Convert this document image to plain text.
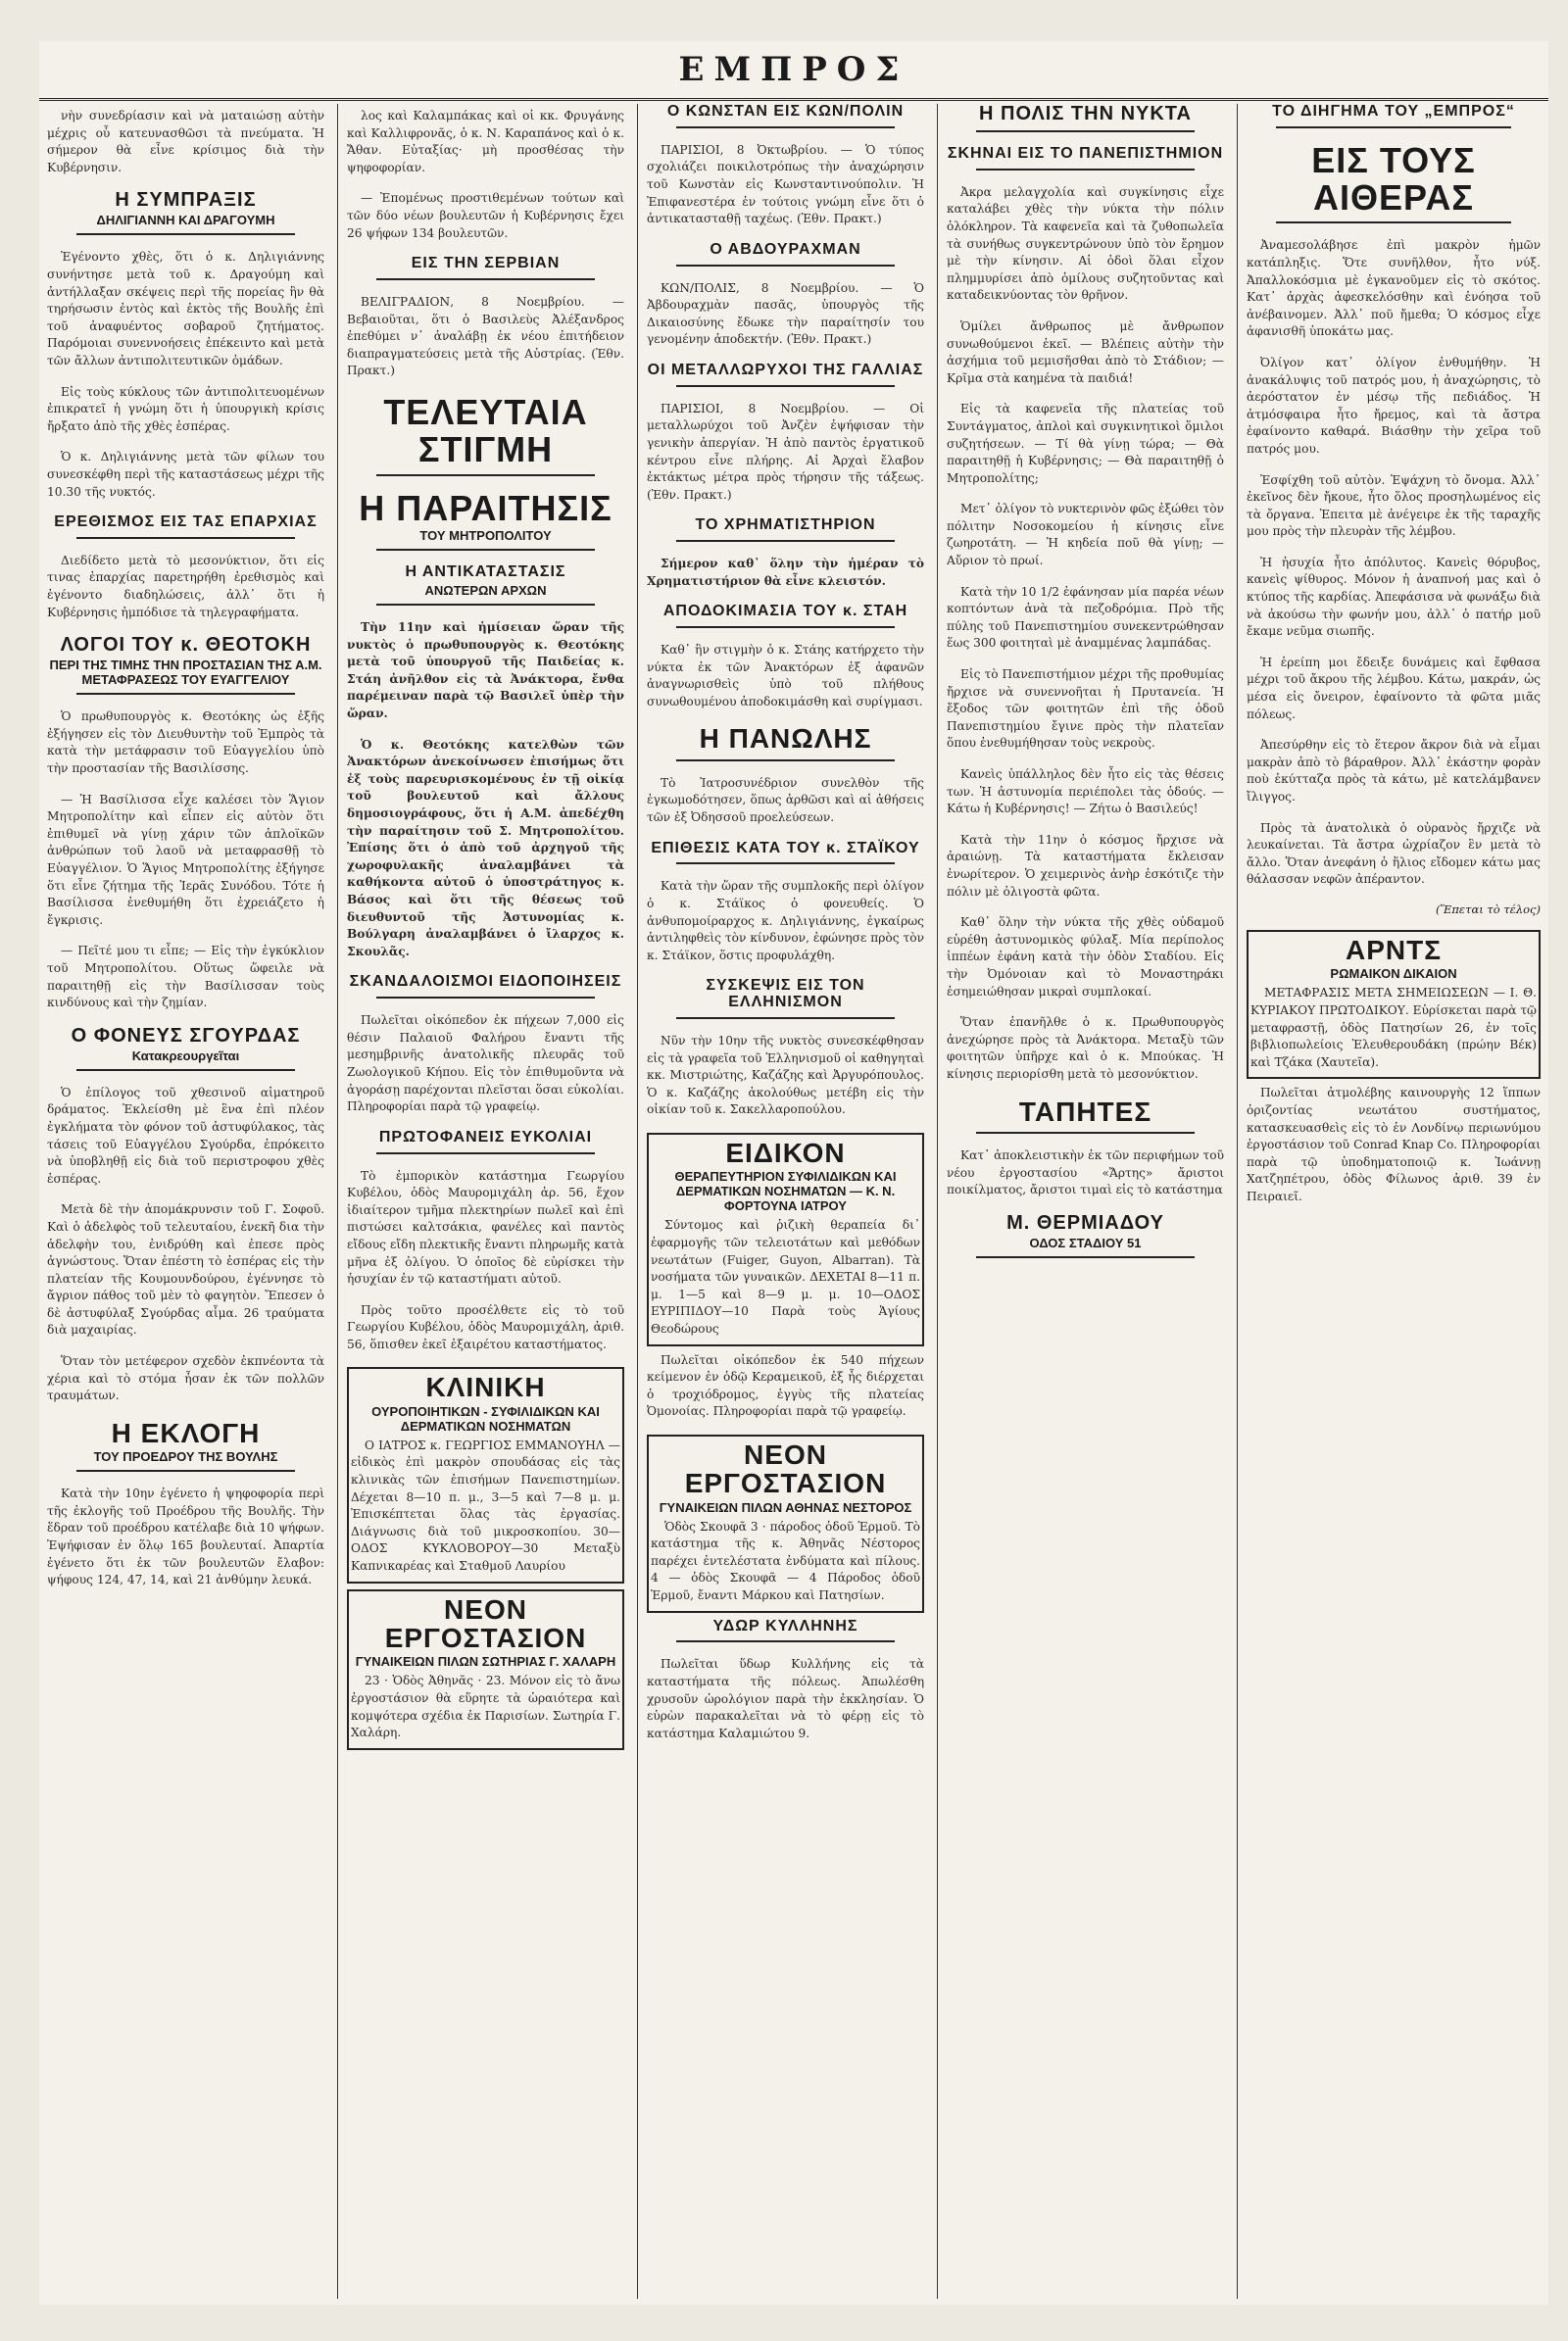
ΕΜΠΡΟΣ

νὴν συνεδρίασιν καὶ νὰ ματαιώσῃ αὐτὴν μέχρις οὗ κατευνασθῶσι τὰ πνεύματα. Ἡ σήμερον θὰ εἶνε κρίσιμος διὰ τὴν Κυβέρνησιν.

Η ΣΥΜΠΡΑΞΙΣ
ΔΗΛΙΓΙΑΝΝΗ ΚΑΙ ΔΡΑΓΟΥΜΗ

Ἐγένοντο χθὲς, ὅτι ὁ κ. Δηλιγιάννης συνήντησε μετὰ τοῦ κ. Δραγούμη καὶ ἀντήλλαξαν σκέψεις περὶ τῆς πορείας ἣν θὰ τηρήσωσιν ἐντὸς καὶ ἐκτὸς τῆς Βουλῆς ἐπὶ τοῦ ἀναφυέντος σοβαροῦ ζητήματος. Παρόμοιαι συνεννοήσεις ἐπέκειντο καὶ μετὰ τῶν ἄλλων ἀντιπολιτευτικῶν ὁμάδων.

Εἰς τοὺς κύκλους τῶν ἀντιπολιτευομένων ἐπικρατεῖ ἡ γνώμη ὅτι ἡ ὑπουργικὴ κρίσις ἤρξατο ἀπὸ τῆς χθὲς ἑσπέρας.

Ὁ κ. Δηλιγιάννης μετὰ τῶν φίλων του συνεσκέφθη περὶ τῆς καταστάσεως μέχρι τῆς 10.30 τῆς νυκτός.

ΕΡΕΘΙΣΜΟΣ ΕΙΣ ΤΑΣ ΕΠΑΡΧΙΑΣ

Διεδίδετο μετὰ τὸ μεσονύκτιον, ὅτι εἰς τινας ἐπαρχίας παρετηρήθη ἐρεθισμὸς καὶ ἐγένοντο διαδηλώσεις, ἀλλ᾽ ὅτι ἡ Κυβέρνησις ἠμπόδισε τὰ τηλεγραφήματα.

ΛΟΓΟΙ ΤΟΥ κ. ΘΕΟΤΟΚΗ
ΠΕΡΙ ΤΗΣ ΤΙΜΗΣ ΤΗΝ ΠΡΟΣΤΑΣΙΑΝ ΤΗΣ Α.Μ. ΜΕΤΑΦΡΑΣΕΩΣ ΤΟΥ ΕΥΑΓΓΕΛΙΟΥ

Ὁ πρωθυπουργὸς κ. Θεοτόκης ὡς ἐξῆς ἐξήγησεν εἰς τὸν Διευθυντὴν τοῦ Ἐμπρὸς τὰ κατὰ τὴν μετάφρασιν τοῦ Εὐαγγελίου ὑπὸ τὴν προστασίαν τῆς Βασιλίσσης.

— Ἡ Βασίλισσα εἶχε καλέσει τὸν Ἅγιον Μητροπολίτην καὶ εἶπεν εἰς αὐτὸν ὅτι ἐπιθυμεῖ νὰ γίνῃ χάριν τῶν ἁπλοϊκῶν ἀνθρώπων τοῦ λαοῦ νὰ μεταφρασθῇ τὸ Εὐαγγέλιον. Ὁ Ἅγιος Μητροπολίτης ἐξήγησε ὅτι εἶνε ζήτημα τῆς Ἱερᾶς Συνόδου. Τότε ἡ Βασίλισσα ἐνεθυμήθη ὅτι ἐχρειάζετο ἡ ἔγκρισις.

— Πεῖτέ μου τι εἶπε; — Εἰς τὴν ἐγκύκλιον τοῦ Μητροπολίτου. Οὕτως ὥφειλε νὰ παραιτηθῇ εἰς τὴν Βασίλισσαν τοὺς κινδύνους καὶ τὴν ζημίαν.

Ο ΦΟΝΕΥΣ ΣΓΟΥΡΔΑΣ
Κατακρεουργεῖται

Ὁ ἐπίλογος τοῦ χθεσινοῦ αἱματηροῦ δράματος. Ἐκλείσθη μὲ ἓνα ἐπὶ πλέον ἐγκλήματα τὸν φόνον τοῦ ἀστυφύλακος, τὰς τάσεις τοῦ Εὐαγγέλου Σγούρδα, ἐπρόκειτο νὰ ὑποβληθῇ εἰς διὰ τοῦ περιστροφου χθὲς ἑσπέρας.

Μετὰ δὲ τὴν ἀπομάκρυνσιν τοῦ Γ. Σοφοῦ. Καὶ ὁ ἀδελφὸς τοῦ τελευταίου, ἐνεκῆ δια τὴν ἀδελφὴν του, ἐνιδρύθη καὶ ἐπεσε πρὸς ἀγνώστους. Ὅταν ἐπέστη τὸ ἐσπέρας εἰς τὴν πλατείαν τῆς Κουμουνδούρου, ἐγέννησε τὸ ἄγριον πάθος τοῦ μὲν τὸ φαγητὸν. Ἔπεσεν ὁ δὲ ἀστυφύλαξ Σγούρδας αἷμα. 26 τραύματα διὰ μαχαιρίας.

Ὅταν τὸν μετέφερον σχεδὸν ἐκπνέοντα τὰ χέρια καὶ τὸ στόμα ἦσαν ἐκ τῶν πολλῶν τραυμάτων.

Η ΕΚΛΟΓΗ
ΤΟΥ ΠΡΟΕΔΡΟΥ ΤΗΣ ΒΟΥΛΗΣ

Κατὰ τὴν 10ην ἐγένετο ἡ ψηφοφορία περὶ τῆς ἐκλογῆς τοῦ Προέδρου τῆς Βουλῆς. Τὴν ἕδραν τοῦ προέδρου κατέλαβε διὰ 10 ψήφων. Ἐψήφισαν ἐν ὅλῳ 165 βουλευταί. Ἀπαρτία ἐγένετο ὅτι ἐκ τῶν βουλευτῶν ἔλαβον: ψήφους 124, 47, 14, καὶ 21 ἀνθύμην λευκά.

λος καὶ Καλαμπάκας καὶ οἱ κκ. Φρυγάνης καὶ Καλλιφρονᾶς, ὁ κ. Ν. Καραπάνος καὶ ὁ κ. Ἄθαν. Εὐταξίας· μὴ προσθέσας τὴν ψηφοφορίαν.

— Ἐπομένως προστιθεμένων τούτων καὶ τῶν δύο νέων βουλευτῶν ἡ Κυβέρνησις ἔχει 26 ψήφων 134 βουλευτῶν.

ΕΙΣ ΤΗΝ ΣΕΡΒΙΑΝ

ΒΕΛΙΓΡΑΔΙΟΝ, 8 Νοεμβρίου. — Βεβαιοῦται, ὅτι ὁ Βασιλεὺς Ἀλέξανδρος ἐπεθύμει ν᾽ ἀναλάβῃ ἐκ νέου ἐπιτήδειον διαπραγματεύσεις μετὰ τῆς Αὐστρίας. (Ἐθν. Πρακτ.)

ΤΕΛΕΥΤΑΙΑ ΣΤΙΓΜΗ
Η ΠΑΡΑΙΤΗΣΙΣ
ΤΟΥ ΜΗΤΡΟΠΟΛΙΤΟΥ
Η ΑΝΤΙΚΑΤΑΣΤΑΣΙΣ
ΑΝΩΤΕΡΩΝ ΑΡΧΩΝ

Τὴν 11ην καὶ ἡμίσειαν ὥραν τῆς νυκτὸς ὁ πρωθυπουργὸς κ. Θεοτόκης μετὰ τοῦ ὑπουργοῦ τῆς Παιδείας κ. Στάη ἀνῆλθον εἰς τὰ Ἀνάκτορα, ἔνθα παρέμειναν παρὰ τῷ Βασιλεῖ ὑπὲρ τὴν ὥραν.

Ὁ κ. Θεοτόκης κατελθὼν τῶν Ἀνακτόρων ἀνεκοίνωσεν ἐπισήμως ὅτι ἐξ τοὺς παρευρισκομένους ἐν τῇ οἰκίᾳ τοῦ βουλευτοῦ καὶ ἄλλους δημοσιογράφους, ὅτι ἡ Α.Μ. ἀπεδέχθη τὴν παραίτησιν τοῦ Σ. Μητροπολίτου. Ἐπίσης ὅτι ὁ ἀπὸ τοῦ ἀρχηγοῦ τῆς χωροφυλακῆς ἀναλαμβάνει τὰ καθήκοντα αὐτοῦ ὁ ὑποστράτηγος κ. Βάσος καὶ ὅτι τῆς θέσεως τοῦ διευθυντοῦ τῆς Ἀστυνομίας κ. Βούλγαρη ἀναλαμβάνει ὁ ἴλαρχος κ. Σκουλᾶς.

ΣΚΑΝΔΑΛΟΙΣΜΟΙ ΕΙΔΟΠΟΙΗΣΕΙΣ

Πωλεῖται οἰκόπεδον ἐκ πήχεων 7,000 εἰς θέσιν Παλαιοῦ Φαλήρου ἔναντι τῆς μεσημβρινῆς ἀνατολικῆς πλευρᾶς τοῦ Ζωολογικοῦ Κήπου. Εἰς τὸν ἐπιθυμοῦντα νὰ ἀγοράσῃ παρέχονται πλεῖσται ὅσαι εὐκολίαι. Πληροφορίαι παρὰ τῷ γραφείῳ.

ΠΡΩΤΟΦΑΝΕΙΣ ΕΥΚΟΛΙΑΙ

Τὸ ἐμπορικὸν κατάστημα Γεωργίου Κυβέλου, ὁδὸς Μαυρομιχάλη ἀρ. 56, ἔχον ἰδιαίτερον τμῆμα πλεκτηρίων πωλεῖ καὶ ἐπὶ πιστώσει καλτσάκια, φανέλες καὶ παντὸς εἴδους εἴδη πλεκτικῆς ἔναντι πληρωμῆς κατὰ μῆνα ἐξ ὀλίγου. Ὁ ὁποῖος δὲ εὑρίσκει τὴν ἡσυχίαν ἐν τῷ καταστήματι αὐτοῦ.

Πρὸς τοῦτο προσέλθετε εἰς τὸ τοῦ Γεωργίου Κυβέλου, ὁδὸς Μαυρομιχάλη, ἀριθ. 56, ὅπισθεν ἐκεῖ ἐξαιρέτου καταστήματος.

ΚΛΙΝΙΚΗ
ΟΥΡΟΠΟΙΗΤΙΚΩΝ - ΣΥΦΙΛΙΔΙΚΩΝ ΚΑΙ ΔΕΡΜΑΤΙΚΩΝ ΝΟΣΗΜΑΤΩΝ

Ο ΙΑΤΡΟΣ κ. ΓΕΩΡΓΙΟΣ ΕΜΜΑΝΟΥΗΛ — εἰδικὸς ἐπὶ μακρὸν σπουδάσας εἰς τὰς κλινικὰς τῶν ἐπισήμων Πανεπιστημίων. Δέχεται 8—10 π. μ., 3—5 καὶ 7—8 μ. μ. Ἐπισκέπτεται ὅλας τὰς ἐργασίας. Διάγνωσις διὰ τοῦ μικροσκοπίου. 30—ΟΔΟΣ ΚΥΚΛΟΒΟΡΟΥ—30 Μεταξὺ Καπνικαρέας καὶ Σταθμοῦ Λαυρίου

ΝΕΟΝ ΕΡΓΟΣΤΑΣΙΟΝ
ΓΥΝΑΙΚΕΙΩΝ ΠΙΛΩΝ ΣΩΤΗΡΙΑΣ Γ. ΧΑΛΑΡΗ

23 · Ὁδὸς Ἀθηνᾶς · 23. Μόνον εἰς τὸ ἄνω ἐργοστάσιον θὰ εὕρητε τὰ ὡραιότερα καὶ κομψότερα σχέδια ἐκ Παρισίων. Σωτηρία Γ. Χαλάρη.

Ο ΚΩΝΣΤΑΝ ΕΙΣ ΚΩΝ/ΠΟΛΙΝ

ΠΑΡΙΣΙΟΙ, 8 Ὀκτωβρίου. — Ὁ τύπος σχολιάζει ποικιλοτρόπως τὴν ἀναχώρησιν τοῦ Κωνστὰν εἰς Κωνσταντινούπολιν. Ἡ Ἐπιφανεστέρα ἐν τούτοις γνώμη εἶνε ὅτι ὁ ἀντικατασταθῇ ταχέως. (Ἐθν. Πρακτ.)

Ο ΑΒΔΟΥΡΑΧΜΑΝ

ΚΩΝ/ΠΟΛΙΣ, 8 Νοεμβρίου. — Ὁ Ἀβδουραχμὰν πασᾶς, ὑπουργὸς τῆς Δικαιοσύνης ἔδωκε τὴν παραίτησίν του γενομένην ἀποδεκτήν. (Ἐθν. Πρακτ.)

ΟΙ ΜΕΤΑΛΛΩΡΥΧΟΙ ΤΗΣ ΓΑΛΛΙΑΣ

ΠΑΡΙΣΙΟΙ, 8 Νοεμβρίου. — Οἱ μεταλλωρύχοι τοῦ Ἀνζὲν ἐψήφισαν τὴν γενικὴν ἀπεργίαν. Ἡ ἀπὸ παντὸς ἐργατικοῦ κέντρου εἶνε πλήρης. Αἱ Ἀρχαὶ ἔλαβον ἐκτάκτως μέτρα πρὸς τήρησιν τῆς τάξεως. (Ἐθν. Πρακτ.)

ΤΟ ΧΡΗΜΑΤΙΣΤΗΡΙΟΝ

Σήμερον καθ᾽ ὅλην τὴν ἡμέραν τὸ Χρηματιστήριον θὰ εἶνε κλειστόν.

ΑΠΟΔΟΚΙΜΑΣΙΑ ΤΟΥ κ. ΣΤΑΗ

Καθ᾽ ἣν στιγμὴν ὁ κ. Στάης κατήρχετο τὴν νύκτα ἐκ τῶν Ἀνακτόρων ἐξ ἀφανῶν ἀναγνωρισθεὶς ὑπὸ τοῦ πλήθους συνωθουμένου ἀποδοκιμάσθη καὶ συρίγμασι.

Η ΠΑΝΩΛΗΣ

Τὸ Ἰατροσυνέδριον συνελθὸν τῆς ἐγκωμοδότησεν, ὅπως ἀρθῶσι καὶ αἱ ἀθήσεις τῶν ἐξ Ὀδησσοῦ προελεύσεων.

ΕΠΙΘΕΣΙΣ ΚΑΤΑ ΤΟΥ κ. ΣΤΑΪΚΟΥ

Κατὰ τὴν ὥραν τῆς συμπλοκῆς περὶ ὀλίγον ὁ κ. Στάϊκος ὁ φονευθείς. Ὁ ἀνθυπομοίραρχος κ. Δηλιγιάννης, ἐγκαίρως ἀντιληφθεὶς τὸν κίνδυνον, ἐφώνησε πρὸς τὸν κ. Στάϊκον, ὅστις προφυλάχθη.

ΣΥΣΚΕΨΙΣ ΕΙΣ ΤΟΝ ΕΛΛΗΝΙΣΜΟΝ

Νῦν τὴν 10ην τῆς νυκτὸς συνεσκέφθησαν εἰς τὰ γραφεῖα τοῦ Ἑλληνισμοῦ οἱ καθηγηταὶ κκ. Μιστριώτης, Καζάζης καὶ Ἀργυρόπουλος. Ὁ κ. Καζάζης ἀκολούθως μετέβη εἰς τὴν οἰκίαν τοῦ κ. Σακελλαροπούλου.

ΕΙΔΙΚΟΝ
ΘΕΡΑΠΕΥΤΗΡΙΟΝ ΣΥΦΙΛΙΔΙΚΩΝ ΚΑΙ ΔΕΡΜΑΤΙΚΩΝ ΝΟΣΗΜΑΤΩΝ — Κ. Ν. ΦΟΡΤΟΥΝΑ ΙΑΤΡΟΥ

Σύντομος καὶ ῥιζικὴ θεραπεία δι᾽ ἐφαρμογῆς τῶν τελειοτάτων καὶ μεθόδων νεωτάτων (Fuiger, Guyon, Albarran). Τὰ νοσήματα τῶν γυναικῶν. ΔΕΧΕΤΑΙ 8—11 π. μ. 1—5 καὶ 8—9 μ. μ. 10—ΟΔΟΣ ΕΥΡΙΠΙΔΟΥ—10 Παρὰ τοὺς Ἁγίους Θεοδώρους

Πωλεῖται οἰκόπεδον ἐκ 540 πήχεων κείμενον ἐν ὁδῷ Κεραμεικοῦ, ἐξ ἧς διέρχεται ὁ τροχιόδρομος, ἐγγὺς τῆς πλατείας Ὀμονοίας. Πληροφορίαι παρὰ τῷ γραφείῳ.

ΝΕΟΝ ΕΡΓΟΣΤΑΣΙΟΝ
ΓΥΝΑΙΚΕΙΩΝ ΠΙΛΩΝ ΑΘΗΝΑΣ ΝΕΣΤΟΡΟΣ

Ὁδὸς Σκουφᾶ 3 · πάροδος ὁδοῦ Ἑρμοῦ. Τὸ κατάστημα τῆς κ. Ἀθηνᾶς Νέστορος παρέχει ἐντελέστατα ἐνδύματα καὶ πίλους. 4 — ὁδὸς Σκουφᾶ — 4 Πάροδος ὁδοῦ Ἑρμοῦ, ἔναντι Μάρκου καὶ Πατησίων.

ΥΔΩΡ ΚΥΛΛΗΝΗΣ

Πωλεῖται ὕδωρ Κυλλήνης εἰς τὰ καταστήματα τῆς πόλεως. Ἀπωλέσθη χρυσοῦν ὡρολόγιον παρὰ τὴν ἐκκλησίαν. Ὁ εὑρὼν παρακαλεῖται νὰ τὸ φέρῃ εἰς τὸ κατάστημα Καλαμιώτου 9.

Η ΠΟΛΙΣ ΤΗΝ ΝΥΚΤΑ
ΣΚΗΝΑΙ ΕΙΣ ΤΟ ΠΑΝΕΠΙΣΤΗΜΙΟΝ

Ἀκρα μελαγχολία καὶ συγκίνησις εἶχε καταλάβει χθὲς τὴν νύκτα τὴν πόλιν ὁλόκληρον. Τὰ καφενεῖα καὶ τὰ ζυθοπωλεῖα τὰ συνήθως συγκεντρώνουν ὑπὸ τὸν ἔρημον μὲ τὴν κίνησιν. Αἱ ὁδοὶ ὅλαι εἶχον πλημμυρίσει ἀπὸ ὁμίλους συζητοῦντας καὶ καταδεικνύοντας τὸν θρῆνον.

Ὁμίλει ἄνθρωπος μὲ ἄνθρωπον συνωθούμενοι ἐκεῖ. — Βλέπεις αὐτὴν τὴν ἀσχήμια τοῦ μεμισῆσθαι ἀπὸ τὸ Στάδιον; — Κρῖμα στὰ καημένα τὰ παιδιά!

Εἰς τὰ καφενεῖα τῆς πλατείας τοῦ Συντάγματος, ἀπλοὶ καὶ συγκινητικοὶ ὅμιλοι συζητήσεων. — Τί θὰ γίνῃ τώρα; — Θὰ παραιτηθῇ ἡ Κυβέρνησις; — Θὰ παραιτηθῇ ὁ Μητροπολίτης;

Μετ᾽ ὀλίγον τὸ νυκτερινὸν φῶς ἐξώθει τὸν πόλιτην Νοσοκομείου ἡ κίνησις εἶνε ζωηροτάτη. — Ἡ κηδεία ποῦ θὰ γίνῃ; — Αὔριον τὸ πρωί.

Κατὰ τὴν 10 1/2 ἐφάνησαν μία παρέα νέων κοπτόντων ἀνὰ τὰ πεζοδρόμια. Πρὸ τῆς πύλης τοῦ Πανεπιστημίου συνεκεντρώθησαν ἕως 300 φοιτηταὶ μὲ ἀναμμένας λαμπάδας.

Εἰς τὸ Πανεπιστήμιον μέχρι τῆς προθυμίας ἤρχισε νὰ συνεννοῆται ἡ Πρυτανεία. Ἡ ἔξοδος τῶν φοιτητῶν ἐπὶ τῆς ὁδοῦ Πανεπιστημίου ἔγινε πρὸς τὴν πλατεῖαν ὅπου ἐνεθυμήθησαν τοὺς νεκροὺς.

Κανεὶς ὑπάλληλος δὲν ἦτο εἰς τὰς θέσεις των. Ἡ ἀστυνομία περιέπολει τὰς ὁδούς. — Κάτω ἡ Κυβέρνησις! — Ζήτω ὁ Βασιλεύς!

Κατὰ τὴν 11ην ὁ κόσμος ἤρχισε νὰ ἀραιώνῃ. Τὰ καταστήματα ἔκλεισαν ἐνωρίτερον. Ὁ χειμερινὸς ἀνὴρ ἐσκότιζε τὴν πόλιν μὲ ὀλιγοστὰ φῶτα.

Καθ᾽ ὅλην τὴν νύκτα τῆς χθὲς οὐδαμοῦ εὑρέθη ἀστυνομικὸς φύλαξ. Μία περίπολος ἱππέων ἐφάνη κατὰ τὴν ὁδὸν Σταδίου. Εἰς τὴν Ὀμόνοιαν καὶ τὸ Μοναστηράκι ἐσημειώθησαν μικραὶ συμπλοκαί.

Ὅταν ἐπανῆλθε ὁ κ. Πρωθυπουργὸς ἀνεχώρησε πρὸς τὰ Ἀνάκτορα. Μεταξὺ τῶν φοιτητῶν ὑπῆρχε καὶ ὁ κ. Μπούκας. Ἡ κίνησις περιορίσθη μετὰ τὸ μεσονύκτιον.

ΤΑΠΗΤΕΣ

Κατ᾽ ἀποκλειστικὴν ἐκ τῶν περιφήμων τοῦ νέου ἐργοστασίου «Ἄρτης» ἄριστοι ποικίλματος, ἄριστοι τιμαὶ εἰς τὸ κατάστημα

Μ. ΘΕΡΜΙΑΔΟΥ
ΟΔΟΣ ΣΤΑΔΙΟΥ 51
ΤΟ ΔΙΗΓΗΜΑ ΤΟΥ „ΕΜΠΡΟΣ“
ΕΙΣ ΤΟΥΣ ΑΙΘΕΡΑΣ

Ἀναμεσολάβησε ἐπὶ μακρὸν ἡμῶν κατάπληξις. Ὅτε συνῆλθον, ἦτο νύξ. Ἀπαλλοκόσμια μὲ ἐγκανοῦμεν εἰς τὸ σκότος. Κατ᾽ ἀρχὰς ἀφεσκελόσθην καὶ ἐνόησα τοῦ ἀνέβαινομεν. Ἀλλ᾽ ποῦ ἤμεθα; Ὁ κόσμος εἶχε ἀφανισθῆ ὑποκάτω μας.

Ὀλίγον κατ᾽ ὀλίγον ἐνθυμήθην. Ἡ ἀνακάλυψις τοῦ πατρός μου, ἡ ἀναχώρησις, τὸ ἀερόστατον ἐν μέσῳ τῆς πεδιάδος. Ἡ ἀτμόσφαιρα ἦτο ἤρεμος, καὶ τὰ ἄστρα ἐφαίνοντο καθαρά. Βιάσθην τὴν χεῖρα τοῦ πατρός μου.

Ἐσφίχθη τοῦ αὐτὸν. Ἐψάχνη τὸ ὄνομα. Ἀλλ᾽ ἐκεῖνος δὲν ἤκουε, ἦτο ὅλος προσηλωμένος εἰς τὰ ὄργανα. Ἐπειτα μὲ ἀνέγειρε ἐκ τῆς ταραχῆς μου πρὸς τὴν πλευρὰν τῆς λέμβου.

Ἡ ἡσυχία ἦτο ἀπόλυτος. Κανεὶς θόρυβος, κανεὶς ψίθυρος. Μόνον ἡ ἀναπνοή μας καὶ ὁ κτύπος τῆς καρδίας. Ἀπεφάσισα νὰ φωνάξω διὰ νὰ ἀκούσω τὴν φωνήν μου, ἀλλ᾽ ὁ πατήρ μοῦ ἔκαμε νεῦμα σιωπῆς.

Ἡ ἐρείπη μοι ἔδειξε δυνάμεις καὶ ἔφθασα μέχρι τοῦ ἄκρου τῆς λέμβου. Κάτω, μακράν, ὡς μέσα εἰς ὄνειρον, ἐφαίνοντο τὰ φῶτα μιᾶς πόλεως.

Ἀπεσύρθην εἰς τὸ ἕτερον ἄκρον διὰ νὰ εἶμαι μακρὰν ἀπὸ τὸ βάραθρον. Ἀλλ᾽ ἐκάστην φορὰν ποὺ ἐκύτταζα πρὸς τὰ κάτω, μὲ κατελάμβανεν ἴλιγγος.

Πρὸς τὰ ἀνατολικὰ ὁ οὐρανὸς ἤρχιζε νὰ λευκαίνεται. Τὰ ἄστρα ὠχρίαζον ἓν μετὰ τὸ ἄλλο. Ὅταν ἀνεφάνη ὁ ἥλιος εἴδομεν κάτω μας θάλασσαν νεφῶν ἀπέραντον.

(Ἕπεται τὸ τέλος)

ΑΡΝΤΣ
ΡΩΜΑΙΚΟΝ ΔΙΚΑΙΟΝ

ΜΕΤΑΦΡΑΣΙΣ ΜΕΤΑ ΣΗΜΕΙΩΣΕΩΝ — Ι. Θ. ΚΥΡΙΑΚΟΥ ΠΡΩΤΟΔΙΚΟΥ. Εὑρίσκεται παρὰ τῷ μεταφραστῇ, ὁδὸς Πατησίων 26, ἐν τοῖς βιβλιοπωλείοις Ἐλευθερουδάκη (πρώην Βέκ) καὶ Τζάκα (Χαυτεῖα).

Πωλεῖται ἀτμολέβης καινουργὴς 12 ἵππων ὁριζοντίας νεωτάτου συστήματος, κατασκευασθεὶς εἰς τὸ ἐν Λονδίνῳ περιωνύμου ἐργοστάσιον τοῦ Conrad Knap Co. Πληροφορίαι παρὰ τῷ ὑποδηματοποιῷ κ. Ἰωάννῃ Χατζηπέτρου, ὁδὸς Φίλωνος ἀριθ. 39 ἐν Πειραιεῖ.
